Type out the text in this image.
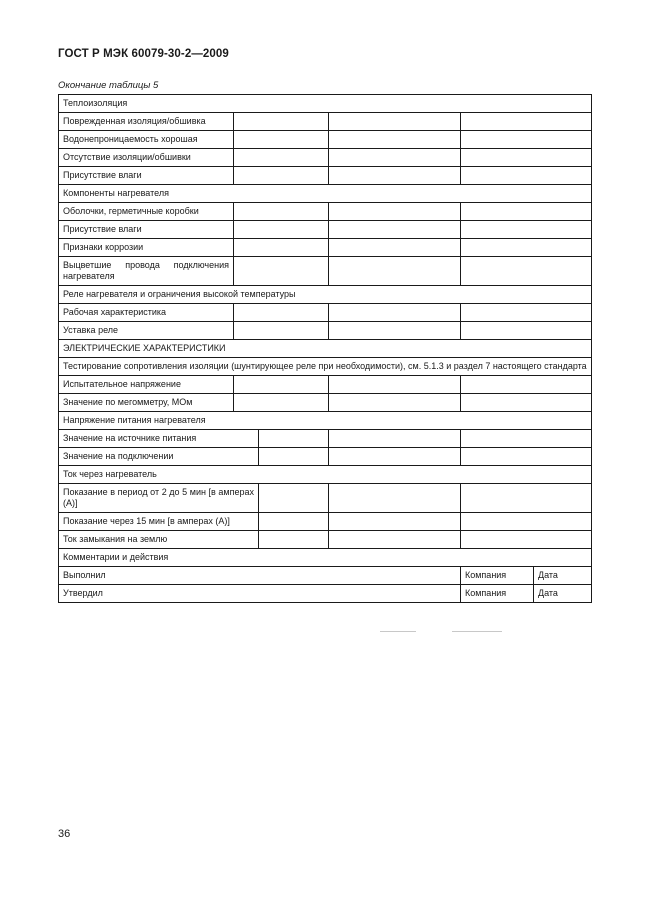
ГОСТ Р МЭК 60079-30-2—2009
Окончание таблицы 5
Теплоизоляция					
Поврежденная изоляция/обшивка					
Водонепроницаемость хорошая					
Отсутствие изоляции/обшивки					
Присутствие влаги					
Компоненты нагревателя					
Оболочки, герметичные коробки					
Присутствие влаги					
Признаки коррозии					
Выцветшие провода подключения нагревателя					
Реле нагревателя и ограничения высокой температуры					
Рабочая характеристика					
Уставка реле					
ЭЛЕКТРИЧЕСКИЕ ХАРАКТЕРИСТИКИ					
Тестирование сопротивления изоляции (шунтирующее реле при необходимости), см. 5.1.3 и раздел 7 настоящего стандарта					
Испытательное напряжение					
Значение по мегомметру, МОм					
Напряжение питания нагревателя					
Значение на источнике питания					
Значение на подключении					
Ток через нагреватель					
Показание в период от 2 до 5 мин [в амперах (А)]					
Показание через 15 мин [в амперах (А)]					
Ток замыкания на землю					
Комментарии и действия					
Выполнил				Компания	Дата
Утвердил				Компания	Дата
36
